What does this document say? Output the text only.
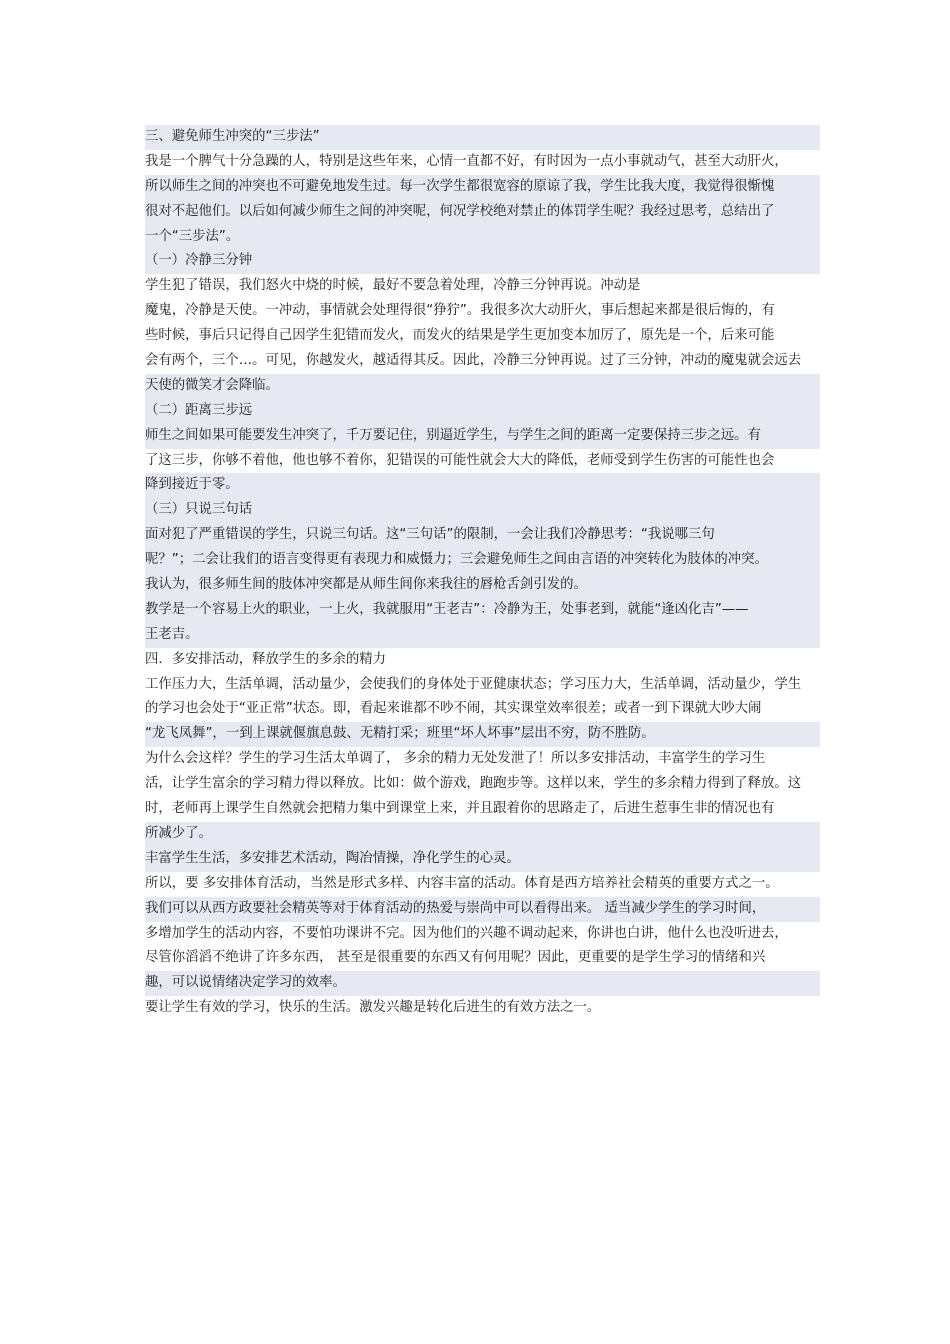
三、避免师生冲突的“三步法”
我是一个脾气十分急躁的人，特别是这些年来，心情一直都不好，有时因为一点小事就动气，甚至大动肝火，
所以师生之间的冲突也不可避免地发生过。每一次学生都很宽容的原谅了我，学生比我大度，我觉得很惭愧
很对不起他们。以后如何减少师生之间的冲突呢，何况学校绝对禁止的体罚学生呢？我经过思考，总结出了
一个“三步法”。
（一）冷静三分钟
学生犯了错误，我们怒火中烧的时候，最好不要急着处理，冷静三分钟再说。冲动是
魔鬼，冷静是天使。一冲动，事情就会处理得很“狰狞”。我很多次大动肝火，事后想起来都是很后悔的，有
些时候，事后只记得自己因学生犯错而发火，而发火的结果是学生更加变本加厉了，原先是一个，后来可能
会有两个，三个…。可见，你越发火，越适得其反。因此，冷静三分钟再说。过了三分钟，冲动的魔鬼就会远去
天使的微笑才会降临。
（二）距离三步远
师生之间如果可能要发生冲突了，千万要记住，别逼近学生，与学生之间的距离一定要保持三步之远。有
了这三步，你够不着他，他也够不着你，犯错误的可能性就会大大的降低，老师受到学生伤害的可能性也会
降到接近于零。
（三）只说三句话
面对犯了严重错误的学生，只说三句话。这“三句话”的限制，一会让我们冷静思考：“我说哪三句
呢？”；二会让我们的语言变得更有表现力和威慑力；三会避免师生之间由言语的冲突转化为肢体的冲突。
我认为，很多师生间的肢体冲突都是从师生间你来我往的唇枪舌剑引发的。
教学是一个容易上火的职业，一上火，我就服用“王老吉”：冷静为王，处事老到，就能“逢凶化吉”——
王老吉。
四．多安排活动，释放学生的多余的精力
工作压力大，生活单调，活动量少，会使我们的身体处于亚健康状态；学习压力大，生活单调，活动量少，学生
的学习也会处于“亚正常”状态。即，看起来谁都不吵不闹，其实课堂效率很差；或者一到下课就大吵大闹
“龙飞凤舞”，一到上课就偃旗息鼓、无精打采；班里“坏人坏事”层出不穷，防不胜防。
为什么会这样？学生的学习生活太单调了， 多余的精力无处发泄了！所以多安排活动，丰富学生的学习生
活，让学生富余的学习精力得以释放。比如：做个游戏，跑跑步等。这样以来，学生的多余精力得到了释放。这
时，老师再上课学生自然就会把精力集中到课堂上来，并且跟着你的思路走了，后进生惹事生非的情况也有
所减少了。
丰富学生生活，多安排艺术活动，陶冶情操，净化学生的心灵。
所以，要 多安排体育活动，当然是形式多样、内容丰富的活动。体育是西方培养社会精英的重要方式之一。
我们可以从西方政要社会精英等对于体育活动的热爱与崇尚中可以看得出来。 适当减少学生的学习时间，
多增加学生的活动内容，不要怕功课讲不完。因为他们的兴趣不调动起来，你讲也白讲，他什么也没听进去，
尽管你滔滔不绝讲了许多东西， 甚至是很重要的东西又有何用呢？因此，更重要的是学生学习的情绪和兴
趣，可以说情绪决定学习的效率。
要让学生有效的学习，快乐的生活。激发兴趣是转化后进生的有效方法之一。
